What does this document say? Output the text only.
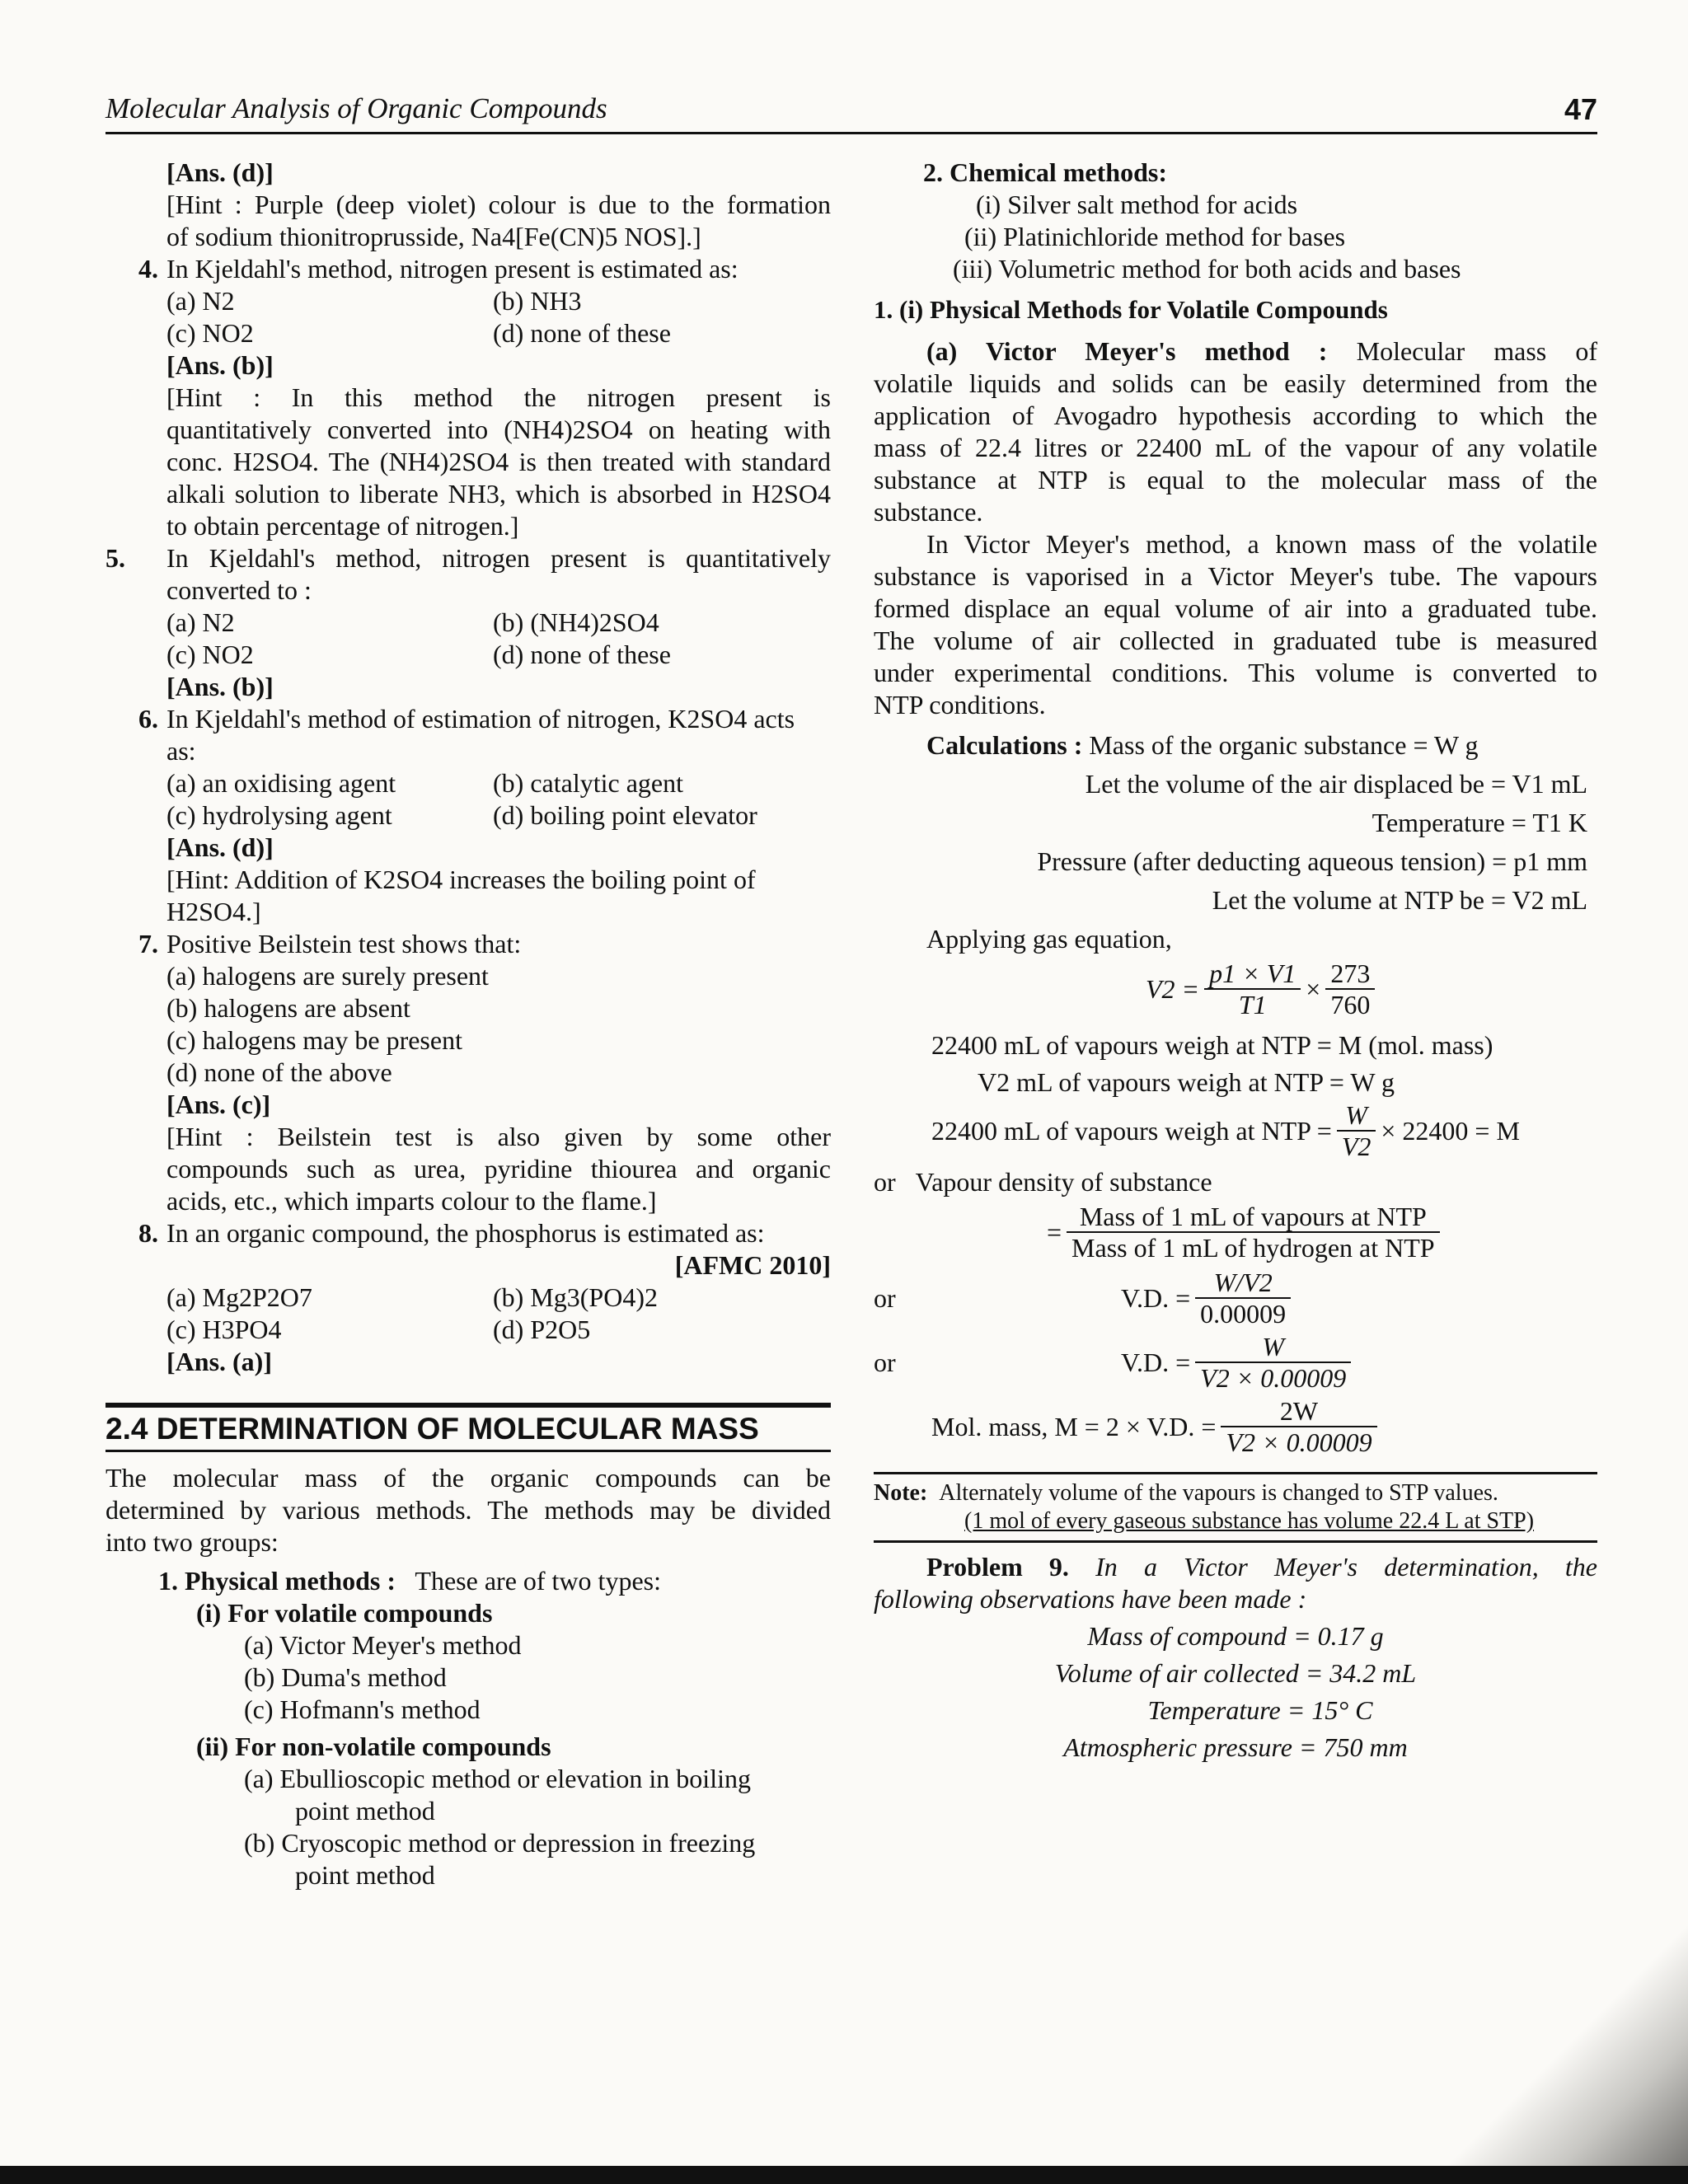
Molecular Analysis of Organic Compounds	47
[Ans. (d)]
[Hint : Purple (deep violet) colour is due to the formation
of sodium thionitroprusside, Na4[Fe(CN)5 NOS].]
4. In Kjeldahl's method, nitrogen present is estimated as:
(a) N2	(b) NH3
(c) NO2	(d) none of these
[Ans. (b)]
[Hint : In this method the nitrogen present is
quantitatively converted into (NH4)2SO4 on heating with
conc. H2SO4. The (NH4)2SO4 is then treated with standard
alkali solution to liberate NH3, which is absorbed in H2SO4
to obtain percentage of nitrogen.]
5. In Kjeldahl's method, nitrogen present is quantitatively
converted to :
(a) N2	(b) (NH4)2SO4
(c) NO2	(d) none of these
[Ans. (b)]
6. In Kjeldahl's method of estimation of nitrogen, K2SO4 acts
as:
(a) an oxidising agent	(b) catalytic agent
(c) hydrolysing agent	(d) boiling point elevator
[Ans. (d)]
[Hint: Addition of K2SO4 increases the boiling point of
H2SO4.]
7. Positive Beilstein test shows that:
(a) halogens are surely present
(b) halogens are absent
(c) halogens may be present
(d) none of the above
[Ans. (c)]
[Hint : Beilstein test is also given by some other
compounds such as urea, pyridine thiourea and organic
acids, etc., which imparts colour to the flame.]
8. In an organic compound, the phosphorus is estimated as:
[AFMC 2010]
(a) Mg2P2O7	(b) Mg3(PO4)2
(c) H3PO4	(d) P2O5
[Ans. (a)]
2.4 DETERMINATION OF MOLECULAR MASS
The molecular mass of the organic compounds can be
determined by various methods. The methods may be divided
into two groups:
1. Physical methods : These are of two types:
(i) For volatile compounds
(a) Victor Meyer's method
(b) Duma's method
(c) Hofmann's method
(ii) For non-volatile compounds
(a) Ebullioscopic method or elevation in boiling
point method
(b) Cryoscopic method or depression in freezing
point method
2. Chemical methods:
(i) Silver salt method for acids
(ii) Platinichloride method for bases
(iii) Volumetric method for both acids and bases
1. (i) Physical Methods for Volatile Compounds
(a) Victor Meyer's method : Molecular mass of
volatile liquids and solids can be easily determined from the
application of Avogadro hypothesis according to which the
mass of 22.4 litres or 22400 mL of the vapour of any volatile
substance at NTP is equal to the molecular mass of the
substance.
In Victor Meyer's method, a known mass of the volatile
substance is vaporised in a Victor Meyer's tube. The vapours
formed displace an equal volume of air into a graduated tube.
The volume of air collected in graduated tube is measured
under experimental conditions. This volume is converted to
NTP conditions.
Calculations : Mass of the organic substance = W g
Let the volume of the air displaced be = V1 mL
Temperature = T1 K
Pressure (after deducting aqueous tension) = p1 mm
Let the volume at NTP be = V2 mL
Applying gas equation,
$V2 = \frac{p1 \times V1}{T1} \times \frac{273}{760}$
22400 mL of vapours weigh at NTP = M (mol. mass)
V2 mL of vapours weigh at NTP = W g
22400 mL of vapours weigh at NTP = $\frac{W}{V2} \times 22400 = M$
or Vapour density of substance
= $\frac{\text{Mass of 1 mL of vapours at NTP}}{\text{Mass of 1 mL of hydrogen at NTP}}$
or	V.D. = $\frac{W/V2}{0.00009}$
or	V.D. = $\frac{W}{V2 \times 0.00009}$
Mol. mass, M = 2 × V.D. = $\frac{2W}{V2 \times 0.00009}$
Note: Alternately volume of the vapours is changed to STP values.
(1 mol of every gaseous substance has volume 22.4 L at STP)
Problem 9. In a Victor Meyer's determination, the
following observations have been made :
Mass of compound = 0.17 g
Volume of air collected = 34.2 mL
Temperature = 15° C
Atmospheric pressure = 750 mm
